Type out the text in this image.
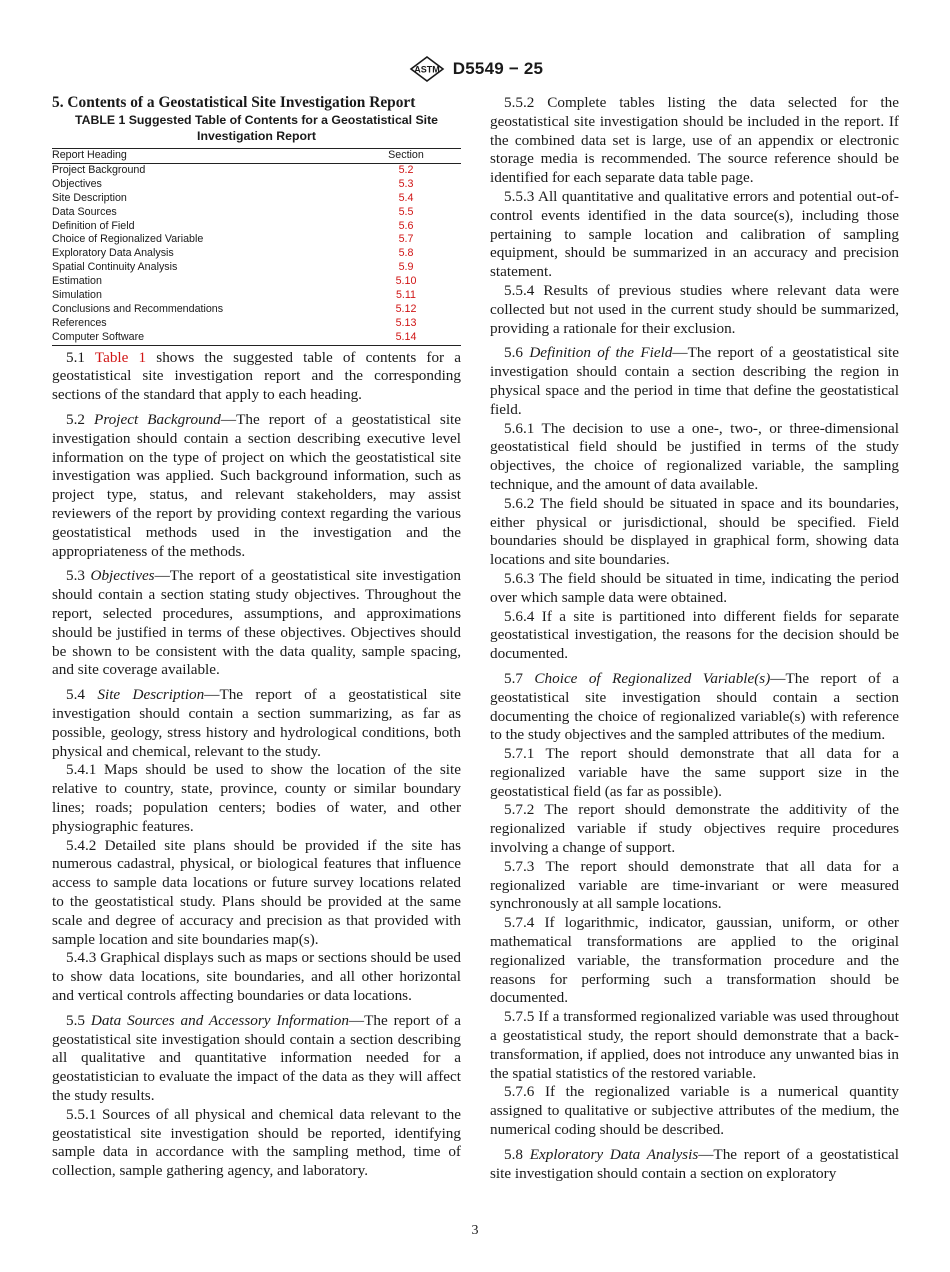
ASTM D5549 − 25
5. Contents of a Geostatistical Site Investigation Report
TABLE 1 Suggested Table of Contents for a Geostatistical Site Investigation Report
Report Heading	Section
Project Background	5.2
Objectives	5.3
Site Description	5.4
Data Sources	5.5
Definition of Field	5.6
Choice of Regionalized Variable	5.7
Exploratory Data Analysis	5.8
Spatial Continuity Analysis	5.9
Estimation	5.10
Simulation	5.11
Conclusions and Recommendations	5.12
References	5.13
Computer Software	5.14

5.1 Table 1 shows the suggested table of contents for a geostatistical site investigation report and the corresponding sections of the standard that apply to each heading.

5.2 Project Background—The report of a geostatistical site investigation should contain a section describing executive level information on the type of project on which the geostatistical site investigation was applied. Such background information, such as project type, status, and relevant stakeholders, may assist reviewers of the report by providing context regarding the various geostatistical methods used in the investigation and the appropriateness of the methods.

5.3 Objectives—The report of a geostatistical site investigation should contain a section stating study objectives. Throughout the report, selected procedures, assumptions, and approximations should be justified in terms of these objectives. Objectives should be shown to be consistent with the data quality, sample spacing, and site coverage available.

5.4 Site Description—The report of a geostatistical site investigation should contain a section summarizing, as far as possible, geology, stress history and hydrological conditions, both physical and chemical, relevant to the study.

5.4.1 Maps should be used to show the location of the site relative to country, state, province, county or similar boundary lines; roads; population centers; bodies of water, and other physiographic features.

5.4.2 Detailed site plans should be provided if the site has numerous cadastral, physical, or biological features that influence access to sample data locations or future survey locations related to the geostatistical study. Plans should be provided at the same scale and degree of accuracy and precision as that provided with sample location and site boundaries map(s).

5.4.3 Graphical displays such as maps or sections should be used to show data locations, site boundaries, and all other horizontal and vertical controls affecting boundaries or data locations.

5.5 Data Sources and Accessory Information—The report of a geostatistical site investigation should contain a section describing all qualitative and quantitative information needed for a geostatistician to evaluate the impact of the data as they will affect the study results.

5.5.1 Sources of all physical and chemical data relevant to the geostatistical site investigation should be reported, identifying sample data in accordance with the sampling method, time of collection, sample gathering agency, and laboratory.

5.5.2 Complete tables listing the data selected for the geostatistical site investigation should be included in the report. If the combined data set is large, use of an appendix or electronic storage media is recommended. The source reference should be identified for each separate data table page.

5.5.3 All quantitative and qualitative errors and potential out-of-control events identified in the data source(s), including those pertaining to sample location and calibration of sampling equipment, should be summarized in an accuracy and precision statement.

5.5.4 Results of previous studies where relevant data were collected but not used in the current study should be summarized, providing a rationale for their exclusion.

5.6 Definition of the Field—The report of a geostatistical site investigation should contain a section describing the region in physical space and the period in time that define the geostatistical field.

5.6.1 The decision to use a one-, two-, or three-dimensional geostatistical field should be justified in terms of the study objectives, the choice of regionalized variable, the sampling technique, and the amount of data available.

5.6.2 The field should be situated in space and its boundaries, either physical or jurisdictional, should be specified. Field boundaries should be displayed in graphical form, showing data locations and site boundaries.

5.6.3 The field should be situated in time, indicating the period over which sample data were obtained.

5.6.4 If a site is partitioned into different fields for separate geostatistical investigation, the reasons for the decision should be documented.

5.7 Choice of Regionalized Variable(s)—The report of a geostatistical site investigation should contain a section documenting the choice of regionalized variable(s) with reference to the study objectives and the sampled attributes of the medium.

5.7.1 The report should demonstrate that all data for a regionalized variable have the same support size in the geostatistical field (as far as possible).

5.7.2 The report should demonstrate the additivity of the regionalized variable if study objectives require procedures involving a change of support.

5.7.3 The report should demonstrate that all data for a regionalized variable are time-invariant or were measured synchronously at all sample locations.

5.7.4 If logarithmic, indicator, gaussian, uniform, or other mathematical transformations are applied to the original regionalized variable, the transformation procedure and the reasons for performing such a transformation should be documented.

5.7.5 If a transformed regionalized variable was used throughout a geostatistical study, the report should demonstrate that a back-transformation, if applied, does not introduce any unwanted bias in the spatial statistics of the restored variable.

5.7.6 If the regionalized variable is a numerical quantity assigned to qualitative or subjective attributes of the medium, the numerical coding should be described.

5.8 Exploratory Data Analysis—The report of a geostatistical site investigation should contain a section on exploratory

3
